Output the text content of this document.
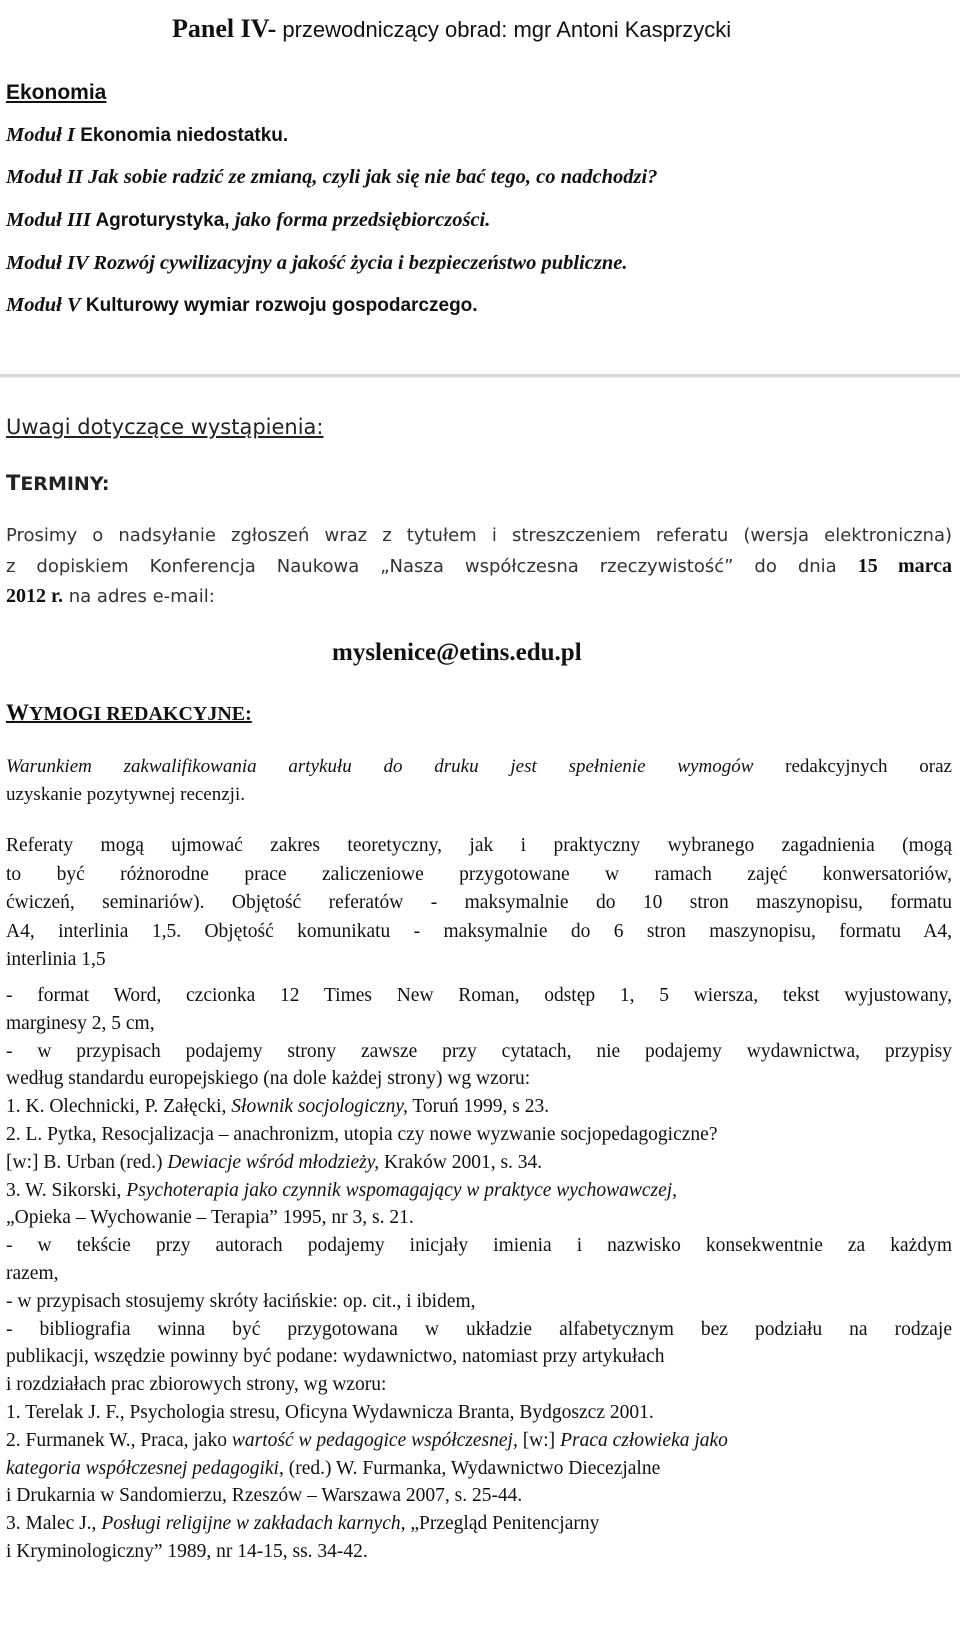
Panel IV- przewodniczący obrad: mgr Antoni Kasprzycki
Ekonomia
Moduł I Ekonomia niedostatku.
Moduł II Jak sobie radzić ze zmianą, czyli jak się nie bać tego, co nadchodzi?
Moduł III Agroturystyka, jako forma przedsiębiorczości.
Moduł IV Rozwój cywilizacyjny a jakość życia i bezpieczeństwo publiczne.
Moduł V Kulturowy wymiar rozwoju gospodarczego.
Uwagi dotyczące wystąpienia:
TERMINY:
Prosimy o nadsyłanie zgłoszeń wraz z tytułem i streszczeniem referatu (wersja elektroniczna)
z dopiskiem Konferencja Naukowa „Nasza współczesna rzeczywistość” do dnia 15 marca
2012 r. na adres e-mail:
myslenice@etins.edu.pl
WYMOGI REDAKCYJNE:
Warunkiem zakwalifikowania artykułu do druku jest spełnienie wymogów redakcyjnych oraz
uzyskanie pozytywnej recenzji.
Referaty mogą ujmować zakres teoretyczny, jak i praktyczny wybranego zagadnienia (mogą
to być różnorodne prace zaliczeniowe przygotowane w ramach zajęć konwersatoriów,
ćwiczeń, seminariów). Objętość referatów - maksymalnie do 10 stron maszynopisu, formatu
A4, interlinia 1,5. Objętość komunikatu - maksymalnie do 6 stron maszynopisu, formatu A4,
interlinia 1,5
- format Word, czcionka 12 Times New Roman, odstęp 1, 5 wiersza, tekst wyjustowany,
marginesy 2, 5 cm,
- w przypisach podajemy strony zawsze przy cytatach, nie podajemy wydawnictwa, przypisy
według standardu europejskiego (na dole każdej strony) wg wzoru:
1. K. Olechnicki, P. Załęcki, Słownik socjologiczny, Toruń 1999, s 23.
2. L. Pytka, Resocjalizacja – anachronizm, utopia czy nowe wyzwanie socjopedagogiczne?
[w:] B. Urban (red.) Dewiacje wśród młodzieży, Kraków 2001, s. 34.
3. W. Sikorski, Psychoterapia jako czynnik wspomagający w praktyce wychowawczej,
„Opieka – Wychowanie – Terapia” 1995, nr 3, s. 21.
- w tekście przy autorach podajemy inicjały imienia i nazwisko konsekwentnie za każdym
razem,
- w przypisach stosujemy skróty łacińskie: op. cit., i ibidem,
- bibliografia winna być przygotowana w układzie alfabetycznym bez podziału na rodzaje
publikacji, wszędzie powinny być podane: wydawnictwo, natomiast przy artykułach
i rozdziałach prac zbiorowych strony, wg wzoru:
1. Terelak J. F., Psychologia stresu, Oficyna Wydawnicza Branta, Bydgoszcz 2001.
2. Furmanek W., Praca, jako wartość w pedagogice współczesnej, [w:] Praca człowieka jako
kategoria współczesnej pedagogiki, (red.) W. Furmanka, Wydawnictwo Diecezjalne
i Drukarnia w Sandomierzu, Rzeszów – Warszawa 2007, s. 25-44.
3. Malec J., Posługi religijne w zakładach karnych, „Przegląd Penitencjarny
i Kryminologiczny” 1989, nr 14-15, ss. 34-42.
